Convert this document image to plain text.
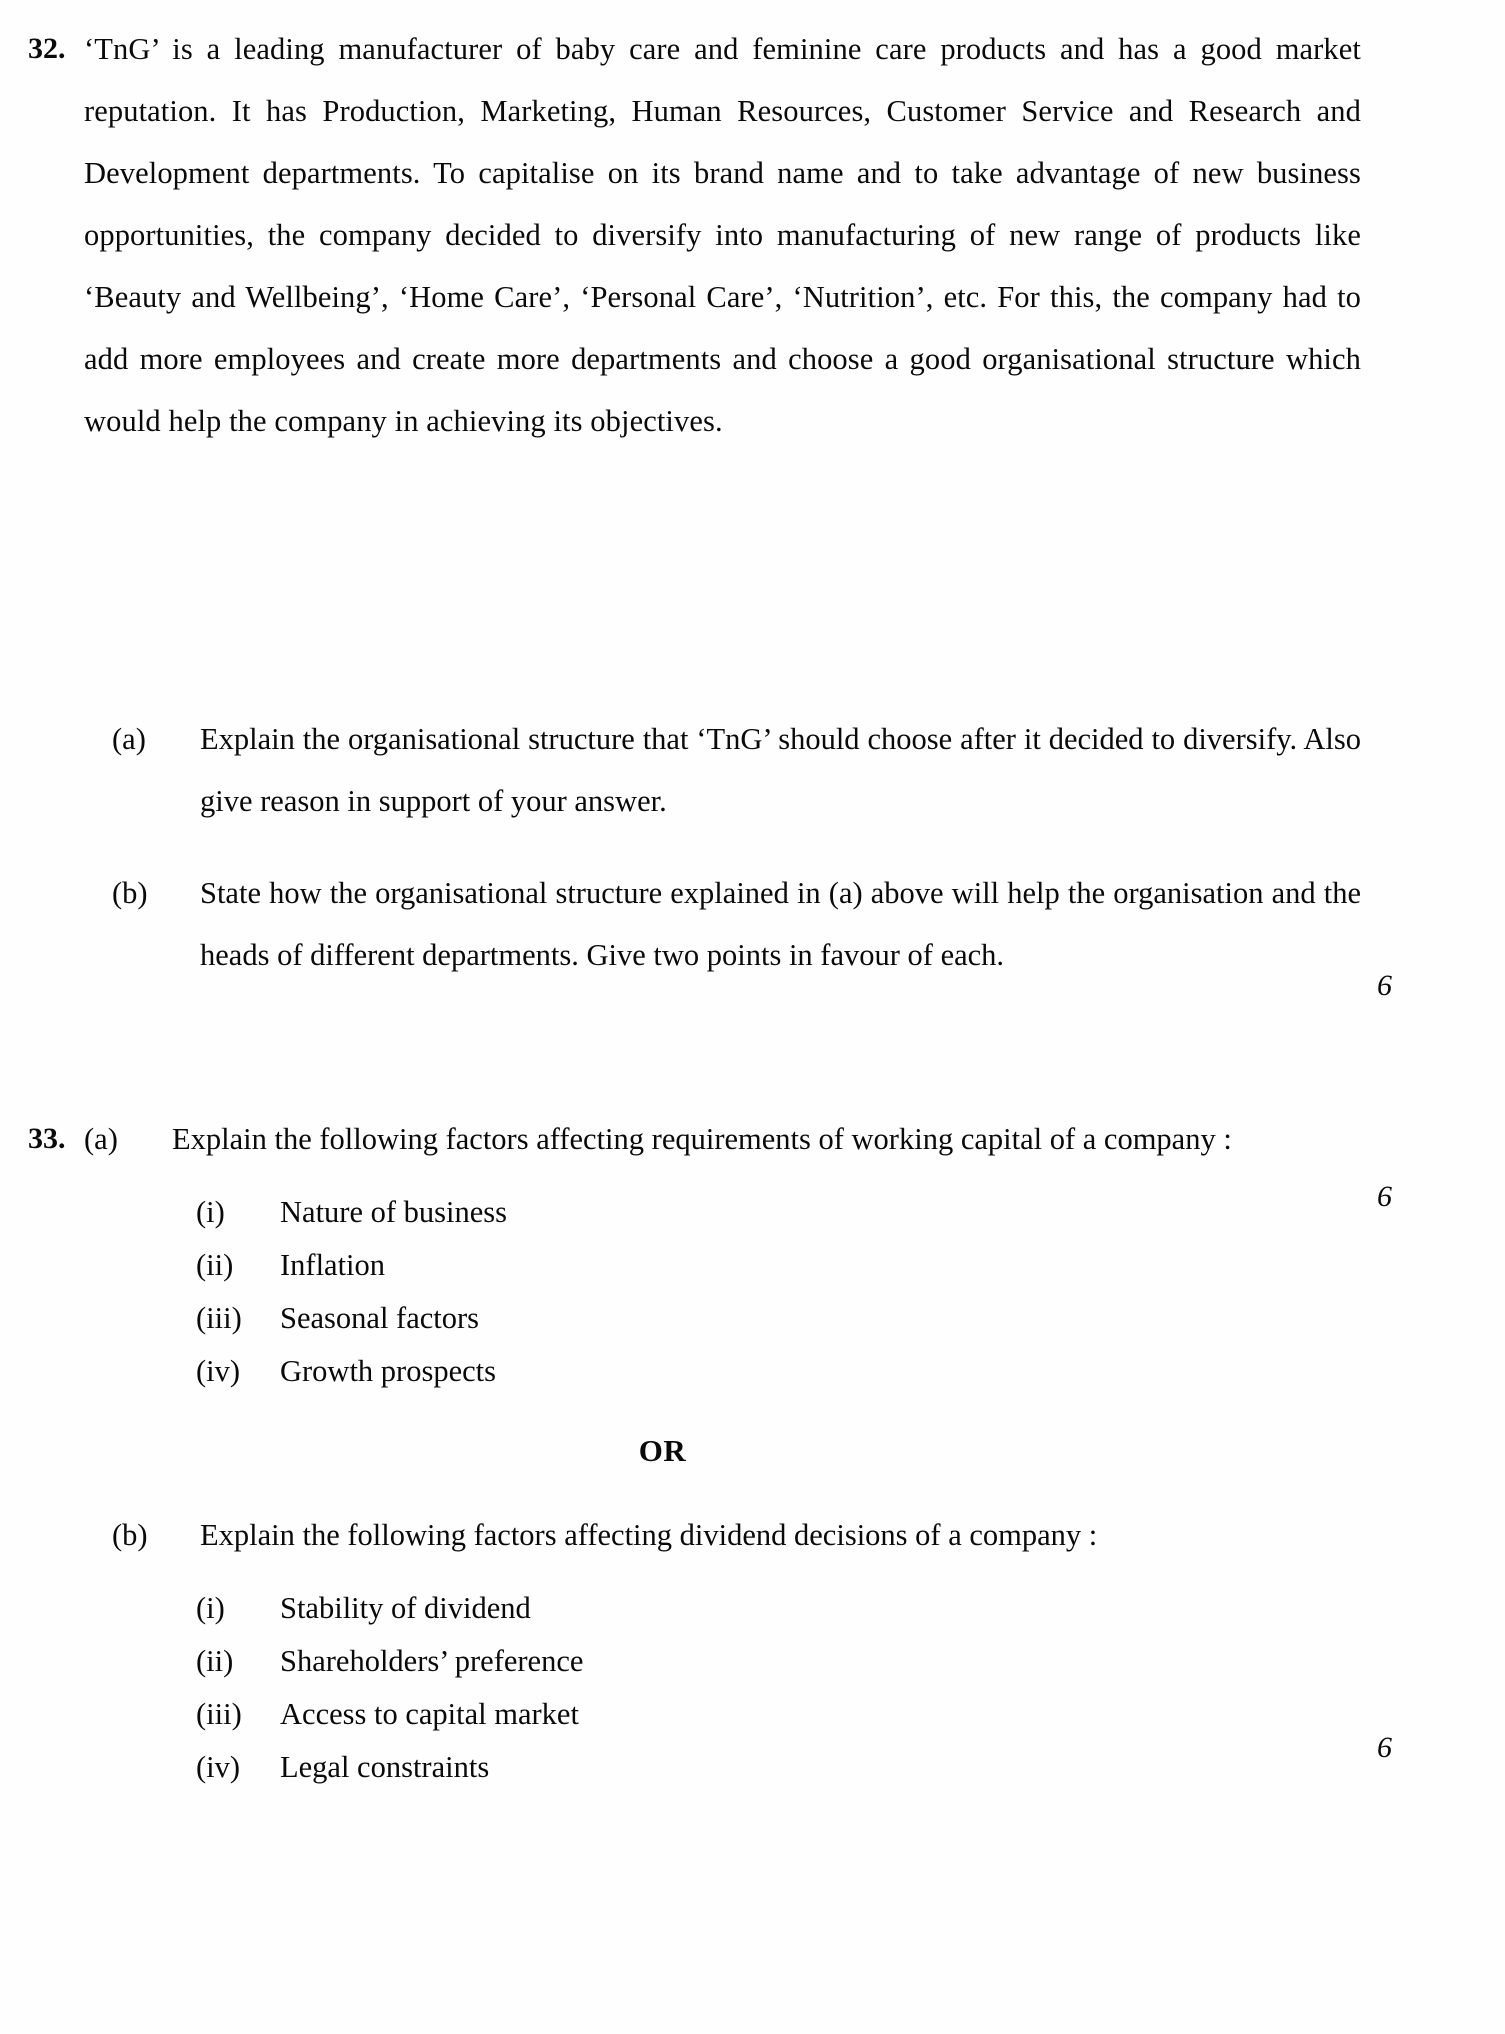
32. ‘TnG’ is a leading manufacturer of baby care and feminine care products and has a good market reputation. It has Production, Marketing, Human Resources, Customer Service and Research and Development departments. To capitalise on its brand name and to take advantage of new business opportunities, the company decided to diversify into manufacturing of new range of products like ‘Beauty and Wellbeing’, ‘Home Care’, ‘Personal Care’, ‘Nutrition’, etc. For this, the company had to add more employees and create more departments and choose a good organisational structure which would help the company in achieving its objectives.

(a)	Explain the organisational structure that ‘TnG’ should choose after it decided to diversify. Also give reason in support of your answer.
(b)	State how the organisational structure explained in (a) above will help the organisation and the heads of different departments. Give two points in favour of each.
6
33. (a)	Explain the following factors affecting requirements of working capital of a company :
6
(i)	Nature of business
(ii)	Inflation
(iii)	Seasonal factors
(iv)	Growth prospects
OR
(b)	Explain the following factors affecting dividend decisions of a company :
6
(i)	Stability of dividend
(ii)	Shareholders’ preference
(iii)	Access to capital market
(iv)	Legal constraints
